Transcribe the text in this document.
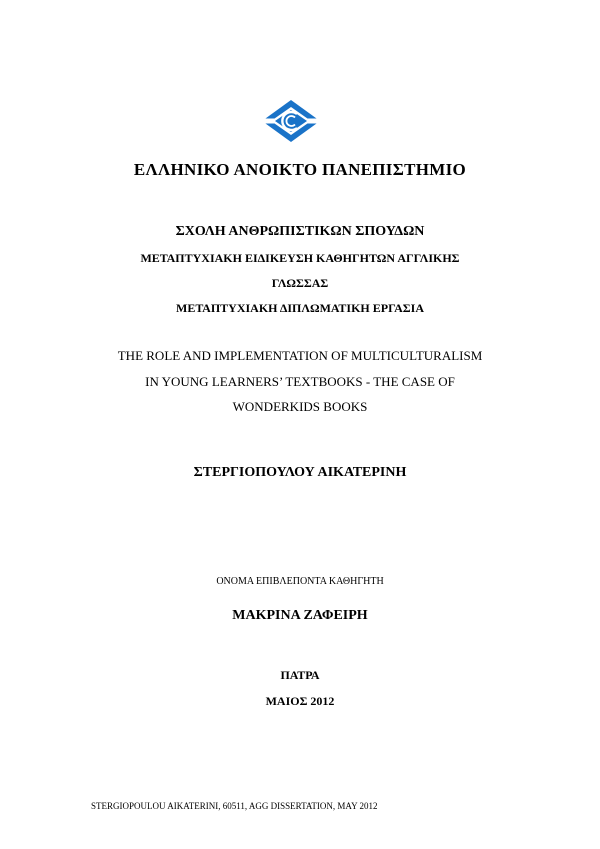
ΕΛΛΗΝΙΚΟ ΑΝΟΙΚΤΟ ΠΑΝΕΠΙΣΤΗΜΙΟ
ΣΧΟΛΗ ΑΝΘΡΩΠΙΣΤΙΚΩΝ ΣΠΟΥΔΩΝ
ΜΕΤΑΠΤΥΧΙΑΚΗ ΕΙΔΙΚΕΥΣΗ ΚΑΘΗΓΗΤΩΝ ΑΓΓΛΙΚΗΣ
ΓΛΩΣΣΑΣ
ΜΕΤΑΠΤΥΧΙΑΚΗ ΔΙΠΛΩΜΑΤΙΚΗ ΕΡΓΑΣΙΑ
THE ROLE AND IMPLEMENTATION OF MULTICULTURALISM
IN YOUNG LEARNERS’ TEXTBOOKS - THE CASE OF
WONDERKIDS BOOKS
ΣΤΕΡΓΙΟΠΟΥΛΟΥ ΑΙΚΑΤΕΡΙΝΗ
ΟΝΟΜΑ ΕΠΙΒΛΕΠΟΝΤΑ ΚΑΘΗΓΗΤΗ
ΜΑΚΡΙΝΑ ΖΑΦΕΙΡΗ
ΠΑΤΡΑ
ΜΑΙΟΣ 2012
STERGIOPOULOU AIKATERINI, 60511, AGG DISSERTATION, MAY 2012
